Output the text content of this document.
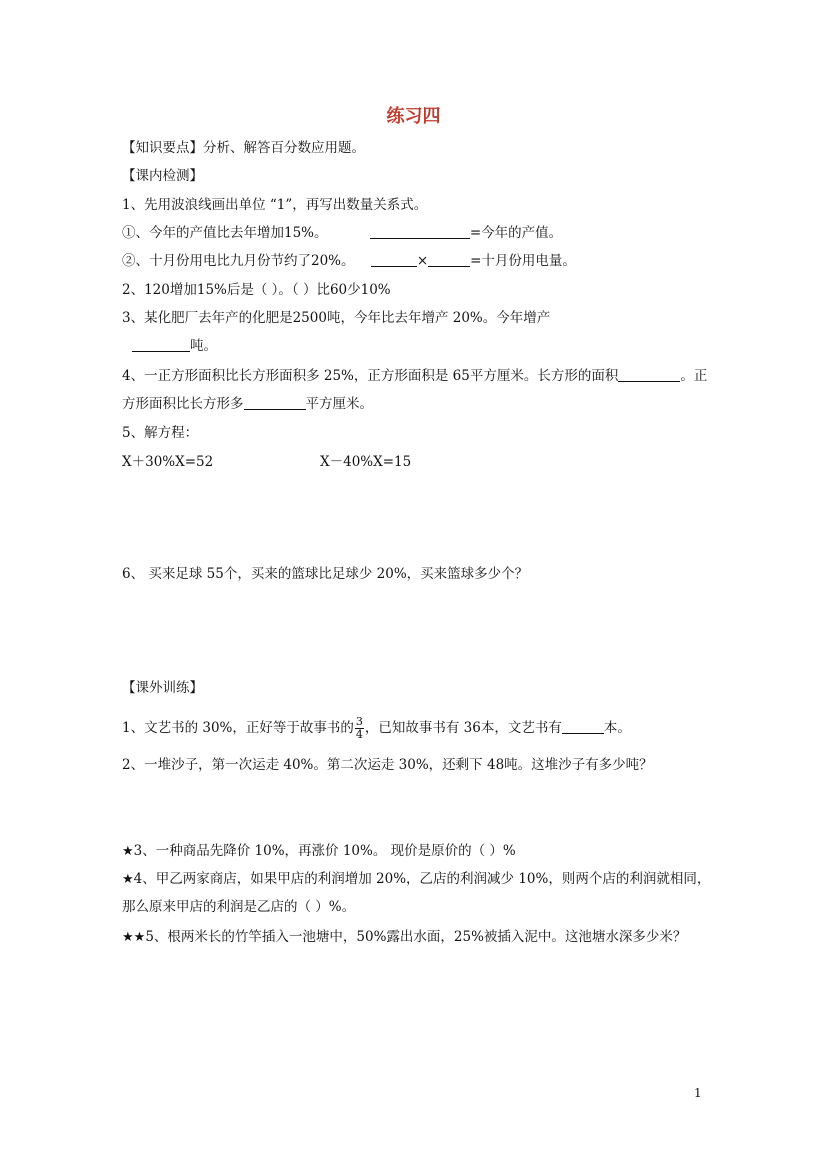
练习四
【知识要点】分析、解答百分数应用题。
【课内检测】
1、先用波浪线画出单位 “1”，再写出数量关系式。
①、今年的产值比去年增加15%。	=今年的产值。
②、十月份用电比九月份节约了20%。	×	=十月份用电量。
2、120增加15%后是（ ）。（ ）比60少10%
3、某化肥厂去年产的化肥是2500吨，今年比去年增产 20%。今年增产
吨。
4、一正方形面积比长方形面积多 25%，正方形面积是 65平方厘米。长方形的面积	。正
方形面积比长方形多	平方厘米。
5、解方程：
X＋30%X=52	X－40%X=15
6、 买来足球 55个，买来的篮球比足球少 20%，买来篮球多少个？
【课外训练】
1、文艺书的 30%，正好等于故事书的 $\frac{3}{4}$ ，已知故事书有 36本，文艺书有	本。
2、一堆沙子，第一次运走 40%。第二次运走 30%，还剩下 48吨。这堆沙子有多少吨？
★3、一种商品先降价 10%，再涨价 10%。 现价是原价的（ ）%
★4、甲乙两家商店，如果甲店的利润增加 20%，乙店的利润减少 10%，则两个店的利润就相同，
那么原来甲店的利润是乙店的（ ）%。
★★5、根两米长的竹竿插入一池塘中，50%露出水面，25%被插入泥中。这池塘水深多少米？
1
